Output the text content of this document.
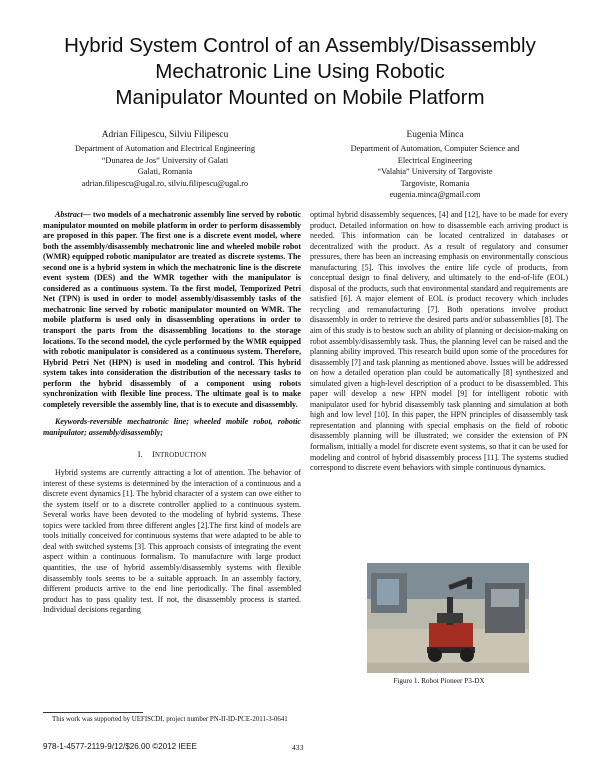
Hybrid System Control of an Assembly/Disassembly
Mechatronic Line Using Robotic
Manipulator Mounted on Mobile Platform
Adrian Filipescu, Silviu Filipescu
Department of Automation and Electrical Engineering
“Dunarea de Jos” University of Galati
Galati, Romania
adrian.filipescu@ugal.ro, silviu.filipescu@ugal.ro
Eugenia Minca
Department of Automation, Computer Science and
Electrical Engineering
“Valahia” University of Targoviste
Targoviste, Romania
eugenia.minca@gmail.com

Abstract— two models of a mechatronic assembly line served by robotic manipulator mounted on mobile platform in order to perform disassembly are proposed in this paper. The first one is a discrete event model, where both the assembly/disassembly mechatronic line and wheeled mobile robot (WMR) equipped robotic manipulator are treated as discrete systems. The second one is a hybrid system in which the mechatronic line is the discrete event system (DES) and the WMR together with the manipulator is considered as a continuous system. To the first model, Temporized Petri Net (TPN) is used in order to model assembly/disassembly tasks of the mechatronic line served by robotic manipulator mounted on WMR. The mobile platform is used only in disassembling operations in order to transport the parts from the disassembling locations to the storage locations. To the second model, the cycle performed by the WMR equipped with robotic manipulator is considered as a continuous system. Therefore, Hybrid Petri Net (HPN) is used in modeling and control. This hybrid system takes into consideration the distribution of the necessary tasks to perform the hybrid disassembly of a component using robots synchronization with flexible line process. The ultimate goal is to make completely reversible the assembly line, that is to execute and disassembly.

Keywords-reversible mechatronic line; wheeled mobile robot, robotic manipulator; assembly/disassembly;

I. INTRODUCTION

Hybrid systems are currently attracting a lot of attention. The behavior of interest of these systems is determined by the interaction of a continuous and a discrete event dynamics [1]. The hybrid character of a system can owe either to the system itself or to a discrete controller applied to a continuous system. Several works have been devoted to the modeling of hybrid systems. These topics were tackled from three different angles [2].The first kind of models are tools initially conceived for continuous systems that were adapted to be able to deal with switched systems [3]. This approach consists of integrating the event aspect within a continuous formalism. To manufacture with large product quantities, the use of hybrid assembly/disassembly systems with flexible disassembly tools seems to be a suitable approach. In an assembly factory, different products arrive to the end line periodically. The final assembled product has to pass quality test. If not, the disassembly process is started. Individual decisions regarding

optimal hybrid disassembly sequences, [4] and [12], have to be made for every product. Detailed information on how to disassemble each arriving product is needed. This information can be located centralized in databases or decentralized with the product. As a result of regulatory and consumer pressures, there has been an increasing emphasis on environmentally conscious manufacturing [5]. This involves the entire life cycle of products, from conceptual design to final delivery, and ultimately to the end-of-life (EOL) disposal of the products, such that environmental standard and requirements are satisfied [6]. A major element of EOL is product recovery which includes recycling and remanufacturing [7]. Both operations involve product disassembly in order to retrieve the desired parts and/or subassemblies [8]. The aim of this study is to bestow such an ability of planning or decision-making on robot assembly/disassembly task. Thus, the planning level can be raised and the planning ability improved. This research build upon some of the procedures for disassembly [7] and task planning as mentioned above. Issues will be addressed on how a detailed operation plan could be automatically [8] synthesized and simulated given a high-level description of a product to be disassembled. This paper will develop a new HPN model [9] for intelligent robotic with manipulator used for hybrid disassembly task planning and simulation at both high and low level [10]. In this paper, the HPN principles of disassembly task representation and planning with special emphasis on the field of robotic disassembly planning will be illustrated; we consider the extension of PN formalism, initially a model for discrete event systems, so that it can be used for modeling and control of hybrid disassembly process [11]. The systems studied correspond to discrete event behaviors with simple continuous dynamics.

Figure 1. Robot Pioneer P3-DX
This work was supported by UEFISCDI, project number PN-II-ID-PCE-2011-3-0641
978-1-4577-2119-9/12/$26.00 ©2012 IEEE	433
